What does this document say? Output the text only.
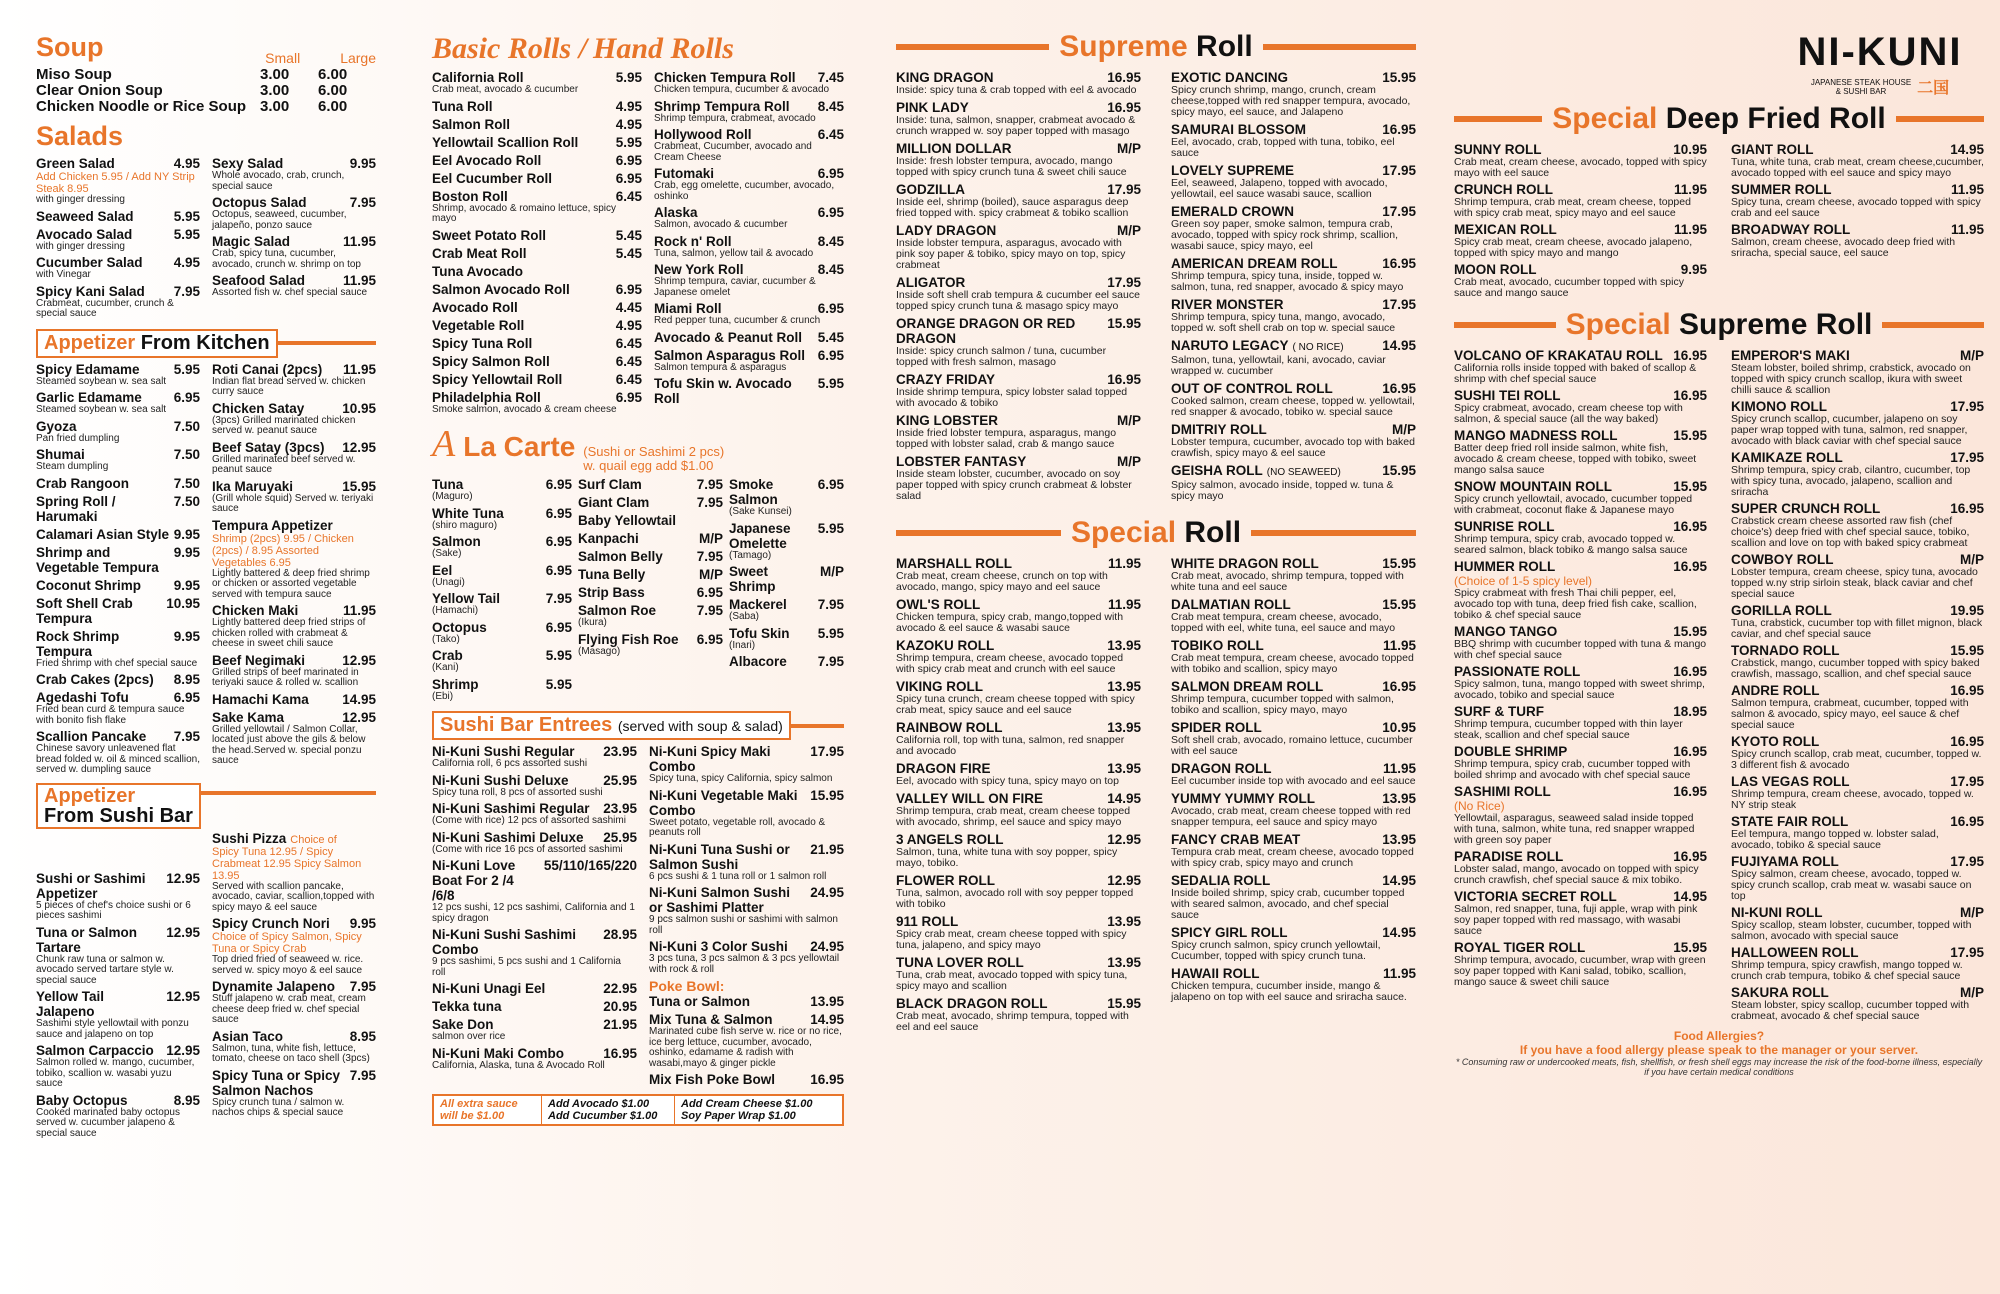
Soup	Small	Large
Miso Soup	3.00	6.00
Clear Onion Soup	3.00	6.00
Chicken Noodle or Rice Soup 3.00	6.00
Salads
Green Salad	4.95
Add Chicken 5.95 / Add NY Strip Steak 8.95
with ginger dressing
Seaweed Salad	5.95
Avocado Salad	5.95
with ginger dressing
Cucumber Salad	4.95
with Vinegar
Spicy Kani Salad	7.95
Crabmeat, cucumber, crunch & special sauce
Sexy Salad	9.95
Whole avocado, crab, crunch, special sauce
Octopus Salad	7.95
Octopus, seaweed, cucumber, jalapeño, ponzo sauce
Magic Salad	11.95
Crab, spicy tuna, cucumber, avocado, crunch w. shrimp on top
Seafood Salad	11.95
Assorted fish w. chef special sauce
Appetizer From Kitchen
Spicy Edamame	5.95
Steamed soybean w. sea salt
Garlic Edamame	6.95
Steamed soybean w. sea salt
Gyoza	7.50
Pan fried dumpling
Shumai	7.50
Steam dumpling
Crab Rangoon	7.50
Spring Roll / Harumaki
7.50
Calamari Asian Style 9.95
Shrimp and Vegetable Tempura
9.95
Coconut Shrimp	9.95
Soft Shell Crab Tempura
10.95
Rock Shrimp Tempura
9.95
Fried shrimp with chef special sauce
Crab Cakes (2pcs)	8.95
Agedashi Tofu	6.95
Fried bean curd & tempura sauce with bonito fish flake
Scallion Pancake	7.95
Chinese savory unleavened flat bread folded w. oil & minced scallion, served w. dumpling sauce
Roti Canai (2pcs)	11.95
Indian flat bread served w. chicken curry sauce
Chicken Satay	10.95
(3pcs) Grilled marinated chicken served w. peanut sauce
Beef Satay (3pcs)	12.95
Grilled marinated beef served w. peanut sauce
Ika Maruyaki	15.95
(Grill whole squid) Served w. teriyaki sauce
Tempura Appetizer
Shrimp (2pcs) 9.95 / Chicken (2pcs) / 8.95 Assorted Vegetables 6.95
Lightly battered & deep fried shrimp or chicken or assorted vegetable served with tempura sauce
Chicken Maki	11.95
Lightly battered deep fried strips of chicken rolled with crabmeat & cheese in sweet chili sauce
Beef Negimaki	12.95
Grilled strips of beef marinated in teriyaki sauce & rolled w. scallion
Hamachi Kama	14.95
Sake Kama	12.95
Grilled yellowtail / Salmon Collar, located just above the gils & below the head.Served w. special ponzu sauce
Appetizer
From Sushi Bar
Sushi or Sashimi Appetizer
12.95
5 pieces of chef's choice sushi or 6 pieces sashimi
Tuna or Salmon Tartare
12.95
Chunk raw tuna or salmon w. avocado served tartare style w. special sauce
Yellow Tail Jalapeno
12.95
Sashimi style yellowtail with ponzu sauce and jalapeno on top
Salmon Carpaccio 12.95
Salmon rolled w. mango, cucumber, tobiko, scallion w. wasabi yuzu sauce
Baby Octopus	8.95
Cooked marinated baby octopus served w. cucumber jalapeno & special sauce
Sushi Pizza Choice of
Spicy Tuna 12.95 / Spicy Crabmeat 12.95 Spicy Salmon 13.95
Served with scallion pancake, avocado, caviar, scallion,topped with spicy mayo & eel sauce
Spicy Crunch Nori	9.95
Choice of Spicy Salmon, Spicy Tuna or Spicy Crab
Top dried fried of seaweed w. rice. served w. spicy moyo & eel sauce
Dynamite Jalapeno	7.95
Stuff jalapeno w. crab meat, cream cheese deep fried w. chef special sauce
Asian Taco	8.95
Salmon, tuna, white fish, lettuce, tomato, cheese on taco shell (3pcs)
Spicy Tuna or Spicy Salmon Nachos
7.95
Spicy crunch tuna / salmon w. nachos chips & special sauce
Basic Rolls / Hand Rolls
California Roll	5.95
Crab meat, avocado & cucumber
Tuna Roll	4.95
Salmon Roll	4.95
Yellowtail Scallion Roll	5.95
Eel Avocado Roll	6.95
Eel Cucumber Roll	6.95
Boston Roll	6.45
Shrimp, avocado & romaino lettuce, spicy mayo
Sweet Potato Roll	5.45
Crab Meat Roll	5.45
Tuna Avocado
Salmon Avocado Roll	6.95
Avocado Roll	4.45
Vegetable Roll	4.95
Spicy Tuna Roll	6.45
Spicy Salmon Roll	6.45
Spicy Yellowtail Roll	6.45
Philadelphia Roll	6.95
Smoke salmon, avocado & cream cheese
Chicken Tempura Roll	7.45
Chicken tempura, cucumber & avocado
Shrimp Tempura Roll	8.45
Shrimp tempura, crabmeat, avocado
Hollywood Roll	6.45
Crabmeat, Cucumber, avocado and Cream Cheese
Futomaki	6.95
Crab, egg omelette, cucumber, avocado, oshinko
Alaska	6.95
Salmon, avocado & cucumber
Rock n' Roll	8.45
Tuna, salmon, yellow tail & avocado
New York Roll	8.45
Shrimp tempura, caviar, cucumber & Japanese omelet
Miami Roll	6.95
Red pepper tuna, cucumber & crunch
Avocado & Peanut Roll	5.45
Salmon Asparagus Roll 6.95
Salmon tempura & asparagus
Tofu Skin w. Avocado Roll
5.95
A La Carte (Sushi or Sashimi 2 pcs) w. quail egg add $1.00
Tuna	6.95
(Maguro)
White Tuna	6.95
(shiro maguro)
Salmon	6.95
(Sake)
Eel	6.95
(Unagi)
Yellow Tail	7.95
(Hamachi)
Octopus	6.95
(Tako)
Crab	5.95
(Kani)
Shrimp	5.95
(Ebi)
Surf Clam	7.95
Giant Clam	7.95
Baby Yellowtail
Kanpachi	M/P
Salmon Belly	7.95
Tuna Belly	M/P
Strip Bass	6.95
Salmon Roe	7.95
(Ikura)
Flying Fish Roe	6.95
(Masago)
Smoke Salmon
6.95
(Sake Kunsei)
Japanese Omelette
5.95
(Tamago)
Sweet Shrimp
M/P
Mackerel	7.95
(Saba)
Tofu Skin	5.95
(Inari)
Albacore	7.95
Sushi Bar Entrees (served with soup & salad)
Ni-Kuni Sushi Regular	23.95
California roll, 6 pcs assorted sushi
Ni-Kuni Sushi Deluxe	25.95
Spicy tuna roll, 8 pcs of assorted sushi
Ni-Kuni Sashimi Regular	23.95
(Come with rice) 12 pcs of assorted sashimi
Ni-Kuni Sashimi Deluxe	25.95
(Come with rice 16 pcs of assorted sashimi
Ni-Kuni Love Boat For 2 /4 /6/8
55/110/165/220
12 pcs sushi, 12 pcs sashimi, California and 1 spicy dragon
Ni-Kuni Sushi Sashimi Combo
28.95
9 pcs sashimi, 5 pcs sushi and 1 California roll
Ni-Kuni Unagi Eel	22.95
Tekka tuna	20.95
Sake Don	21.95
salmon over rice
Ni-Kuni Maki Combo	16.95
California, Alaska, tuna & Avocado Roll
Ni-Kuni Spicy Maki Combo
17.95
Spicy tuna, spicy California, spicy salmon
Ni-Kuni Vegetable Maki Combo
15.95
Sweet potato, vegetable roll, avocado & peanuts roll
Ni-Kuni Tuna Sushi or Salmon Sushi
21.95
6 pcs sushi & 1 tuna roll or 1 salmon roll
Ni-Kuni Salmon Sushi or Sashimi Platter
24.95
9 pcs salmon sushi or sashimi with salmon roll
Ni-Kuni 3 Color Sushi	24.95
3 pcs tuna, 3 pcs salmon & 3 pcs yellowtail with rock & roll
Poke Bowl:
Tuna or Salmon	13.95
Mix Tuna & Salmon	14.95
Marinated cube fish serve w. rice or no rice, ice berg lettuce, cucumber, avocado, oshinko, edamame & radish with wasabi,mayo & ginger pickle
Mix Fish Poke Bowl	16.95
All extra sauce will be $1.00
Add Avocado $1.00
Add Cucumber $1.00
Add Cream Cheese $1.00
Soy Paper Wrap $1.00
Supreme Roll
KING DRAGON	16.95
Inside: spicy tuna & crab topped with eel & avocado
PINK LADY	16.95
Inside: tuna, salmon, snapper, crabmeat avocado & crunch wrapped w. soy paper topped with masago
MILLION DOLLAR	M/P
Inside: fresh lobster tempura, avocado, mango topped with spicy crunch tuna & sweet chili sauce
GODZILLA	17.95
Inside eel, shrimp (boiled), sauce asparagus deep fried topped with. spicy crabmeat & tobiko scallion
LADY DRAGON	M/P
Inside lobster tempura, asparagus, avocado with pink soy paper & tobiko, spicy mayo on top, spicy crabmeat
ALIGATOR	17.95
Inside soft shell crab tempura & cucumber eel sauce topped spicy crunch tuna & masago spicy mayo
ORANGE DRAGON OR RED DRAGON
15.95
Inside: spicy crunch salmon / tuna, cucumber topped with fresh salmon, masago
CRAZY FRIDAY	16.95
Inside shrimp tempura, spicy lobster salad topped with avocado & tobiko
KING LOBSTER	M/P
Inside fried lobster tempura, asparagus, mango topped with lobster salad, crab & mango sauce
LOBSTER FANTASY	M/P
Inside steam lobster, cucumber, avocado on soy paper topped with spicy crunch crabmeat & lobster salad
EXOTIC DANCING	15.95
Spicy crunch shrimp, mango, crunch, cream cheese,topped with red snapper tempura, avocado, spicy mayo, eel sauce, and Jalapeno
SAMURAI BLOSSOM	16.95
Eel, avocado, crab, topped with tuna, tobiko, eel sauce
LOVELY SUPREME	17.95
Eel, seaweed, Jalapeno, topped with avocado, yellowtail, eel sauce wasabi sauce, scallion
EMERALD CROWN	17.95
Green soy paper, smoke salmon, tempura crab, avocado, topped with spicy rock shrimp, scallion, wasabi sauce, spicy mayo, eel
AMERICAN DREAM ROLL	16.95
Shrimp tempura, spicy tuna, inside, topped w. salmon, tuna, red snapper, avocado & spicy mayo
RIVER MONSTER	17.95
Shrimp tempura, spicy tuna, mango, avocado, topped w. soft shell crab on top w. special sauce
NARUTO LEGACY ( NO RICE)	14.95
Salmon, tuna, yellowtail, kani, avocado, caviar wrapped w. cucumber
OUT OF CONTROL ROLL	16.95
Cooked salmon, cream cheese, topped w. yellowtail, red snapper & avocado, tobiko w. special sauce
DMITRIY ROLL	M/P
Lobster tempura, cucumber, avocado top with baked crawfish, spicy mayo & eel sauce
GEISHA ROLL (NO SEAWEED)	15.95
Spicy salmon, avocado inside, topped w. tuna & spicy mayo
Special Roll
MARSHALL ROLL	11.95
Crab meat, cream cheese, crunch on top with avocado, mango, spicy mayo and eel sauce
OWL'S ROLL	11.95
Chicken tempura, spicy crab, mango,topped with avocado & eel sauce & wasabi sauce
KAZOKU ROLL	13.95
Shrimp tempura, cream cheese, avocado topped with spicy crab meat and crunch with eel sauce
VIKING ROLL	13.95
Spicy tuna crunch, cream cheese topped with spicy crab meat, spicy sauce and eel sauce
RAINBOW ROLL	13.95
California roll, top with tuna, salmon, red snapper and avocado
DRAGON FIRE	13.95
Eel, avocado with spicy tuna, spicy mayo on top
VALLEY WILL ON FIRE	14.95
Shrimp tempura, crab meat, cream cheese topped with avocado, shrimp, eel sauce and spicy mayo
3 ANGELS ROLL	12.95
Salmon, tuna, white tuna with soy popper, spicy mayo, tobiko.
FLOWER ROLL	12.95
Tuna, salmon, avocado roll with soy pepper topped with tobiko
911 ROLL	13.95
Spicy crab meat, cream cheese topped with spicy tuna, jalapeno, and spicy mayo
TUNA LOVER ROLL	13.95
Tuna, crab meat, avocado topped with spicy tuna, spicy mayo and scallion
BLACK DRAGON ROLL	15.95
Crab meat, avocado, shrimp tempura, topped with eel and eel sauce
WHITE DRAGON ROLL	15.95
Crab meat, avocado, shrimp tempura, topped with white tuna and eel sauce
DALMATIAN ROLL	15.95
Crab meat tempura, cream cheese, avocado, topped with eel, white tuna, eel sauce and mayo
TOBIKO ROLL	11.95
Crab meat tempura, cream cheese, avocado topped with tobiko and scallion, spicy mayo
SALMON DREAM ROLL	16.95
Shrimp tempura, cucumber topped with salmon, tobiko and scallion, spicy mayo, mayo
SPIDER ROLL	10.95
Soft shell crab, avocado, romaino lettuce, cucumber with eel sauce
DRAGON ROLL	11.95
Eel cucumber inside top with avocado and eel sauce
YUMMY YUMMY ROLL	13.95
Avocado, crab meat, cream cheese topped with red snapper tempura, eel sauce and spicy mayo
FANCY CRAB MEAT	13.95
Tempura crab meat, cream cheese, avocado topped with spicy crab, spicy mayo and crunch
SEDALIA ROLL	14.95
Inside boiled shrimp, spicy crab, cucumber topped with seared salmon, avocado, and chef special sauce
SPICY GIRL ROLL	14.95
Spicy crunch salmon, spicy crunch yellowtail, Cucumber, topped with spicy crunch tuna.
HAWAII ROLL	11.95
Chicken tempura, cucumber inside, mango & jalapeno on top with eel sauce and sriracha sauce.
NI-KUNI
JAPANESE STEAK HOUSE
& SUSHI BAR	二国
Special Deep Fried Roll
SUNNY ROLL	10.95
Crab meat, cream cheese, avocado, topped with spicy mayo with eel sauce
CRUNCH ROLL	11.95
Shrimp tempura, crab meat, cream cheese, topped with spicy crab meat, spicy mayo and eel sauce
MEXICAN ROLL	11.95
Spicy crab meat, cream cheese, avocado jalapeno, topped with spicy mayo and mango
MOON ROLL	9.95
Crab meat, avocado, cucumber topped with spicy sauce and mango sauce
GIANT ROLL	14.95
Tuna, white tuna, crab meat, cream cheese,cucumber, avocado topped with eel sauce and spicy mayo
SUMMER ROLL	11.95
Spicy tuna, cream cheese, avocado topped with spicy crab and eel sauce
BROADWAY ROLL	11.95
Salmon, cream cheese, avocado deep fried with sriracha, special sauce, eel sauce
Special Supreme Roll
VOLCANO OF KRAKATAU ROLL 16.95
California rolls inside topped with baked of scallop & shrimp with chef special sauce
SUSHI TEI ROLL	16.95
Spicy crabmeat, avocado, cream cheese top with salmon, & special sauce (all the way baked)
MANGO MADNESS ROLL	15.95
Batter deep fried roll inside salmon, white fish, avocado & cream cheese, topped with tobiko, sweet mango salsa sauce
SNOW MOUNTAIN ROLL	15.95
Spicy crunch yellowtail, avocado, cucumber topped with crabmeat, coconut flake & Japanese mayo
SUNRISE ROLL	16.95
Shrimp tempura, spicy crab, avocado topped w. seared salmon, black tobiko & mango salsa sauce
HUMMER ROLL	16.95
(Choice of 1-5 spicy level)
Spicy crabmeat with fresh Thai chili pepper, eel, avocado top with tuna, deep fried fish cake, scallion, tobiko & chef special sauce
MANGO TANGO	15.95
BBQ shrimp with cucumber topped with tuna & mango with chef special sauce
PASSIONATE ROLL	16.95
Spicy salmon, tuna, mango topped with sweet shrimp, avocado, tobiko and special sauce
SURF & TURF	18.95
Shrimp tempura, cucumber topped with thin layer steak, scallion and chef special sauce
DOUBLE SHRIMP	16.95
Shrimp tempura, spicy crab, cucumber topped with boiled shrimp and avocado with chef special sauce
SASHIMI ROLL	16.95
(No Rice)
Yellowtail, asparagus, seaweed salad inside topped with tuna, salmon, white tuna, red snapper wrapped with green soy paper
PARADISE ROLL	16.95
Lobster salad, mango, avocado on topped with spicy crunch crawfish, chef special sauce & mix tobiko.
VICTORIA SECRET ROLL	14.95
Salmon, red snapper, tuna, fuji apple, wrap with pink soy paper topped with red massago, with wasabi sauce
ROYAL TIGER ROLL	15.95
Shrimp tempura, avocado, cucumber, wrap with green soy paper topped with Kani salad, tobiko, scallion, mango sauce & sweet chili sauce
EMPEROR'S MAKI	M/P
Steam lobster, boiled shrimp, crabstick, avocado on topped with spicy crunch scallop, ikura with sweet chilli sauce & scallion
KIMONO ROLL	17.95
Spicy crunch scallop, cucumber, jalapeno on soy paper wrap topped with tuna, salmon, red snapper, avocado with black caviar with chef special sauce
KAMIKAZE ROLL	17.95
Shrimp tempura, spicy crab, cilantro, cucumber, top with spicy tuna, avocado, jalapeno, scallion and sriracha
SUPER CRUNCH ROLL	16.95
Crabstick cream cheese assorted raw fish (chef choice's) deep fried with chef special sauce, tobiko, scallion and love on top with baked spicy crabmeat
COWBOY ROLL	M/P
Lobster tempura, cream cheese, spicy tuna, avocado topped w.ny strip sirloin steak, black caviar and chef special sauce
GORILLA ROLL	19.95
Tuna, crabstick, cucumber top with fillet mignon, black caviar, and chef special sauce
TORNADO ROLL	15.95
Crabstick, mango, cucumber topped with spicy baked crawfish, massago, scallion, and chef special sauce
ANDRE ROLL	16.95
Salmon tempura, crabmeat, cucumber, topped with salmon & avocado, spicy mayo, eel sauce & chef special sauce
KYOTO ROLL	16.95
Spicy crunch scallop, crab meat, cucumber, topped w. 3 different fish & avocado
LAS VEGAS ROLL	17.95
Shrimp tempura, cream cheese, avocado, topped w. NY strip steak
STATE FAIR ROLL	16.95
Eel tempura, mango topped w. lobster salad, avocado, tobiko & special sauce
FUJIYAMA ROLL	17.95
Spicy salmon, cream cheese, avocado, topped w. spicy crunch scallop, crab meat w. wasabi sauce on top
NI-KUNI ROLL	M/P
Spicy scallop, steam lobster, cucumber, topped with salmon, avocado with special sauce
HALLOWEEN ROLL	17.95
Shrimp tempura, spicy crawfish, mango topped w. crunch crab tempura, tobiko & chef special sauce
SAKURA ROLL	M/P
Steam lobster, spicy scallop, cucumber topped with crabmeat, avocado & chef special sauce
Food Allergies?
If you have a food allergy please speak to the manager or your server.
* Consuming raw or undercooked meats, fish, shellfish, or fresh shell eggs may increase the risk of the food-borne illness, especially if you have certain medical conditions
